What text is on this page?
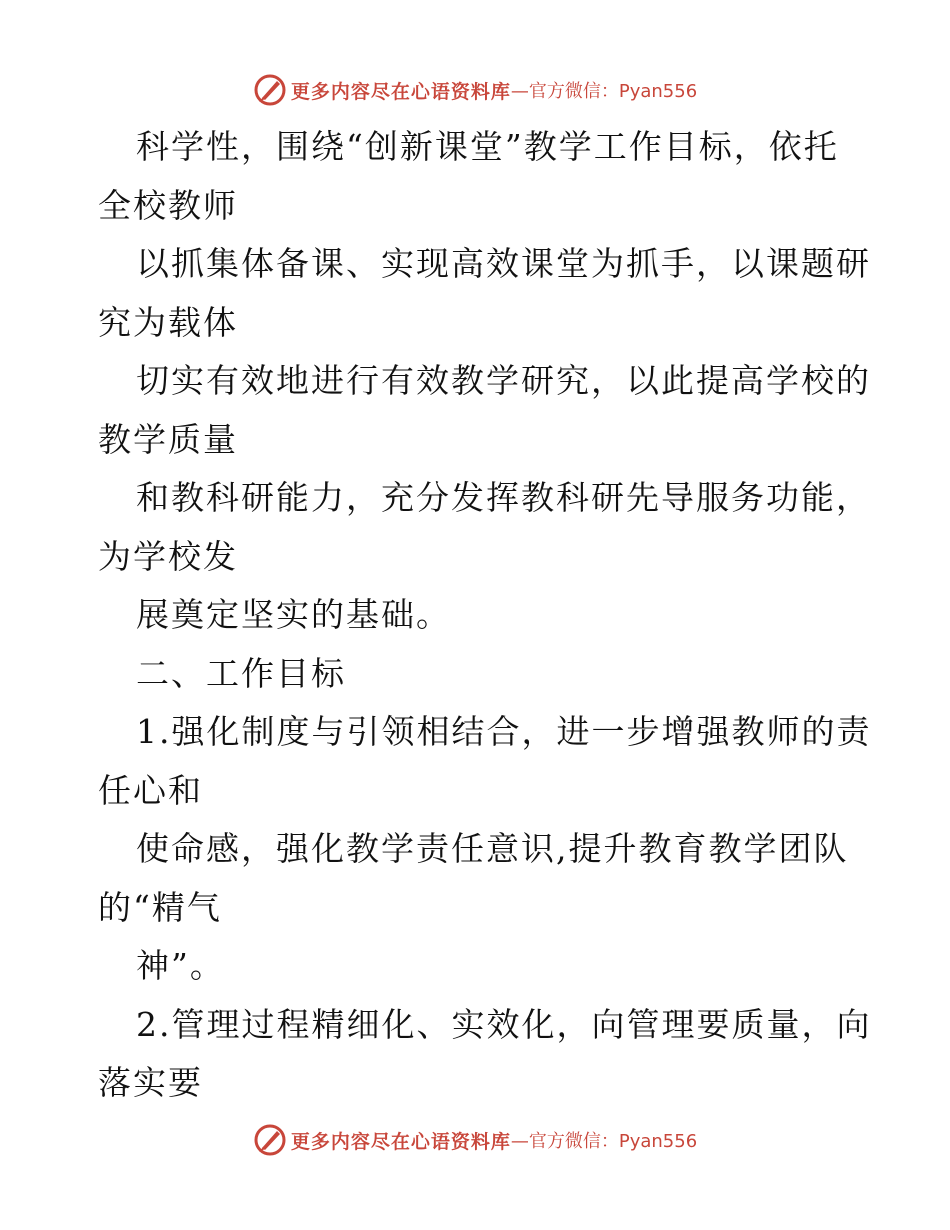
更多内容尽在心语资料库 —官方微信：Pyan556
科学性，围绕“创新课堂”教学工作目标，依托
全校教师
以抓集体备课、实现高效课堂为抓手，以课题研
究为载体
切实有效地进行有效教学研究，以此提高学校的
教学质量
和教科研能力，充分发挥教科研先导服务功能，
为学校发
展奠定坚实的基础。
二、工作目标
1.强化制度与引领相结合，进一步增强教师的责
任心和
使命感，强化教学责任意识,提升教育教学团队
的“精气
神”。
2.管理过程精细化、实效化，向管理要质量，向
落实要
更多内容尽在心语资料库 —官方微信：Pyan556
